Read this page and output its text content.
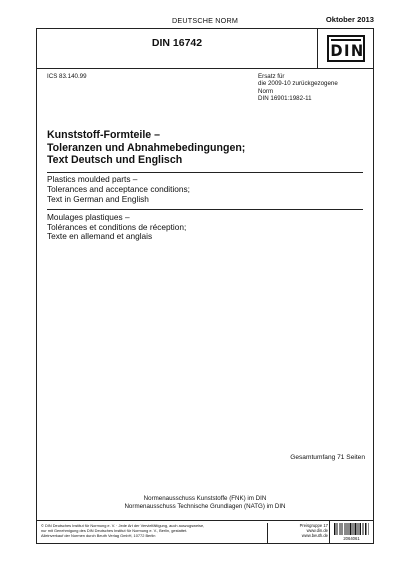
DEUTSCHE NORM	Oktober 2013
DIN 16742	DIN
ICS 83.140.99	Ersatz für
die 2009-10 zurückgezogene
Norm
DIN 16901:1982-11
Kunststoff-Formteile –
Toleranzen und Abnahmebedingungen;
Text Deutsch und Englisch
Plastics moulded parts –
Tolerances and acceptance conditions;
Text in German and English
Moulages plastiques –
Tolérances et conditions de réception;
Texte en allemand et anglais
Gesamtumfang 71 Seiten
Normenausschuss Kunststoffe (FNK) im DIN
Normenausschuss Technische Grundlagen (NATG) im DIN
© DIN Deutsches Institut für Normung e. V. · Jede Art der Vervielfältigung, auch auszugsweise,
nur mit Genehmigung des DIN Deutsches Institut für Normung e. V., Berlin, gestattet.
Alleinverkauf der Normen durch Beuth Verlag GmbH, 10772 Berlin
Preisgruppe 17
www.din.de
www.beuth.de
2064061
